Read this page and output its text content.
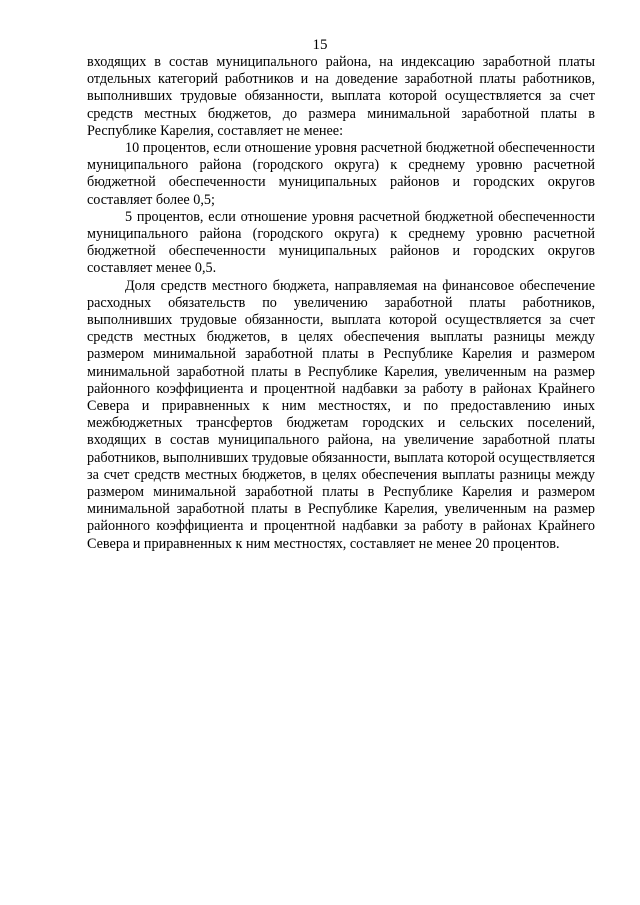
15

входящих в состав муниципального района, на индексацию заработной платы отдельных категорий работников и на доведение заработной платы работников, выполнивших трудовые обязанности, выплата которой осуществляется за счет средств местных бюджетов, до размера минимальной заработной платы в Республике Карелия, составляет не менее:

10 процентов, если отношение уровня расчетной бюджетной обеспеченности муниципального района (городского округа) к среднему уровню расчетной бюджетной обеспеченности муниципальных районов и городских округов составляет более 0,5;

5 процентов, если отношение уровня расчетной бюджетной обеспеченности муниципального района (городского округа) к среднему уровню расчетной бюджетной обеспеченности муниципальных районов и городских округов составляет менее 0,5.

Доля средств местного бюджета, направляемая на финансовое обеспечение расходных обязательств по увеличению заработной платы работников, выполнивших трудовые обязанности, выплата которой осуществляется за счет средств местных бюджетов, в целях обеспечения выплаты разницы между размером минимальной заработной платы в Республике Карелия и размером минимальной заработной платы в Республике Карелия, увеличенным на размер районного коэффициента и процентной надбавки за работу в районах Крайнего Севера и приравненных к ним местностях, и по предоставлению иных межбюджетных трансфертов бюджетам городских и сельских поселений, входящих в состав муниципального района, на увеличение заработной платы работников, выполнивших трудовые обязанности, выплата которой осуществляется за счет средств местных бюджетов, в целях обеспечения выплаты разницы между размером минимальной заработной платы в Республике Карелия и размером минимальной заработной платы в Республике Карелия, увеличенным на размер районного коэффициента и процентной надбавки за работу в районах Крайнего Севера и приравненных к ним местностях, составляет не менее 20 процентов.
